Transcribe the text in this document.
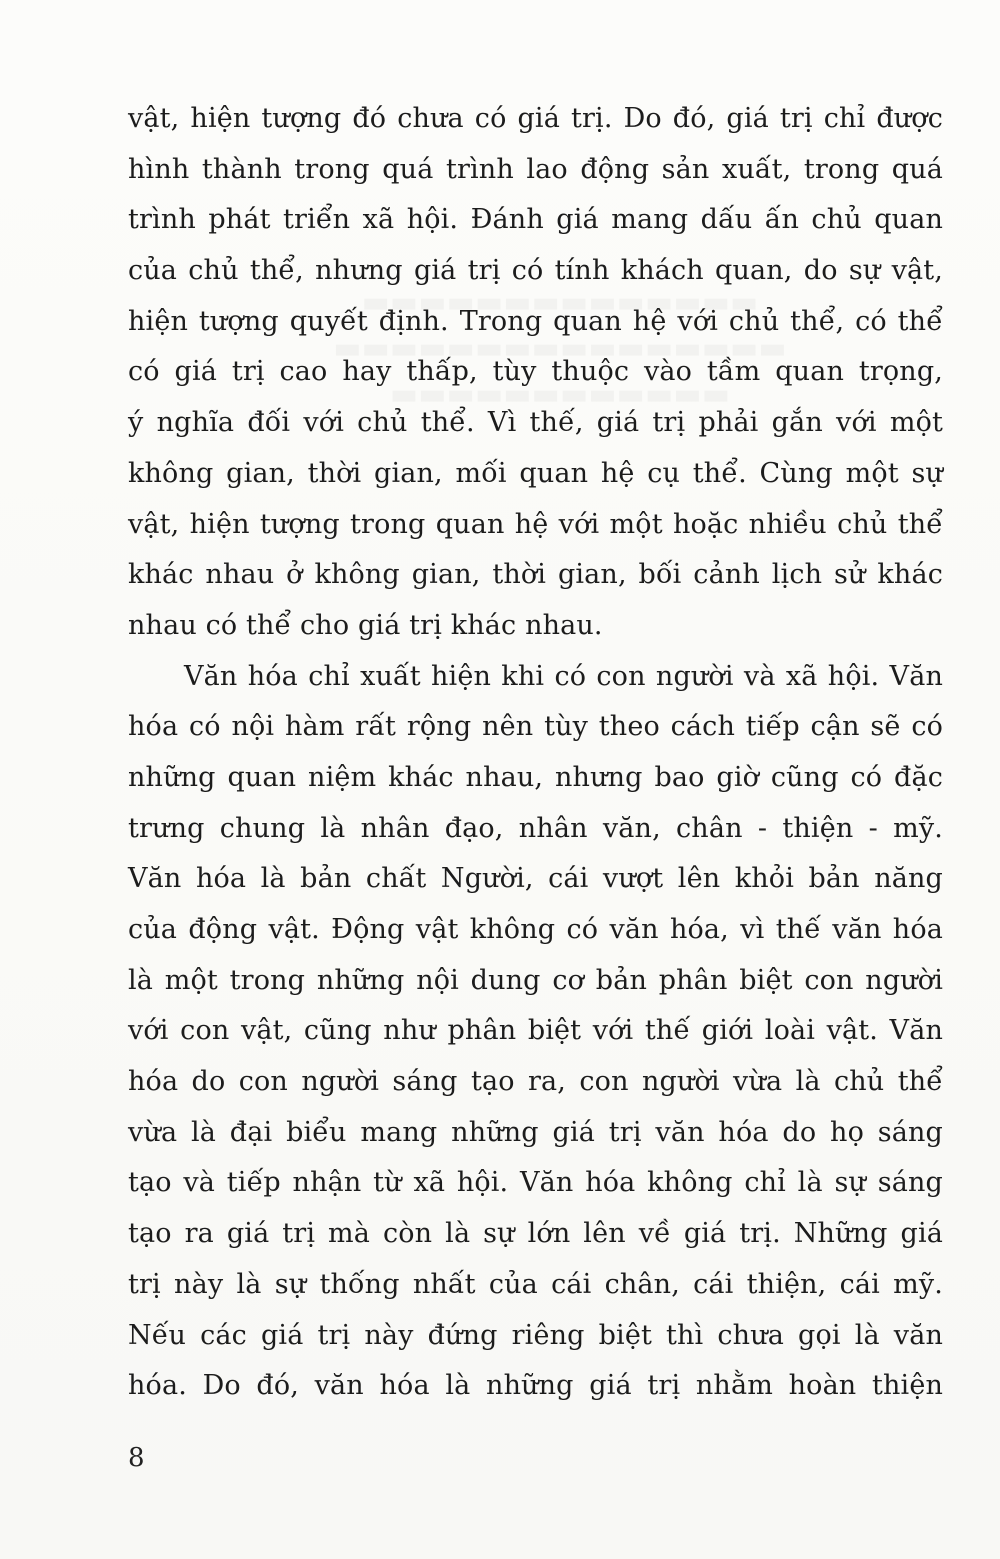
vật, hiện tượng đó chưa có giá trị. Do đó, giá trị chỉ được
hình thành trong quá trình lao động sản xuất, trong quá
trình phát triển xã hội. Đánh giá mang dấu ấn chủ quan
của chủ thể, nhưng giá trị có tính khách quan, do sự vật,
hiện tượng quyết định. Trong quan hệ với chủ thể, có thể
có giá trị cao hay thấp, tùy thuộc vào tầm quan trọng,
ý nghĩa đối với chủ thể. Vì thế, giá trị phải gắn với một
không gian, thời gian, mối quan hệ cụ thể. Cùng một sự
vật, hiện tượng trong quan hệ với một hoặc nhiều chủ thể
khác nhau ở không gian, thời gian, bối cảnh lịch sử khác
nhau có thể cho giá trị khác nhau.
Văn hóa chỉ xuất hiện khi có con người và xã hội. Văn
hóa có nội hàm rất rộng nên tùy theo cách tiếp cận sẽ có
những quan niệm khác nhau, nhưng bao giờ cũng có đặc
trưng chung là nhân đạo, nhân văn, chân - thiện - mỹ.
Văn hóa là bản chất Người, cái vượt lên khỏi bản năng
của động vật. Động vật không có văn hóa, vì thế văn hóa
là một trong những nội dung cơ bản phân biệt con người
với con vật, cũng như phân biệt với thế giới loài vật. Văn
hóa do con người sáng tạo ra, con người vừa là chủ thể
vừa là đại biểu mang những giá trị văn hóa do họ sáng
tạo và tiếp nhận từ xã hội. Văn hóa không chỉ là sự sáng
tạo ra giá trị mà còn là sự lớn lên về giá trị. Những giá
trị này là sự thống nhất của cái chân, cái thiện, cái mỹ.
Nếu các giá trị này đứng riêng biệt thì chưa gọi là văn
hóa. Do đó, văn hóa là những giá trị nhằm hoàn thiện
8
